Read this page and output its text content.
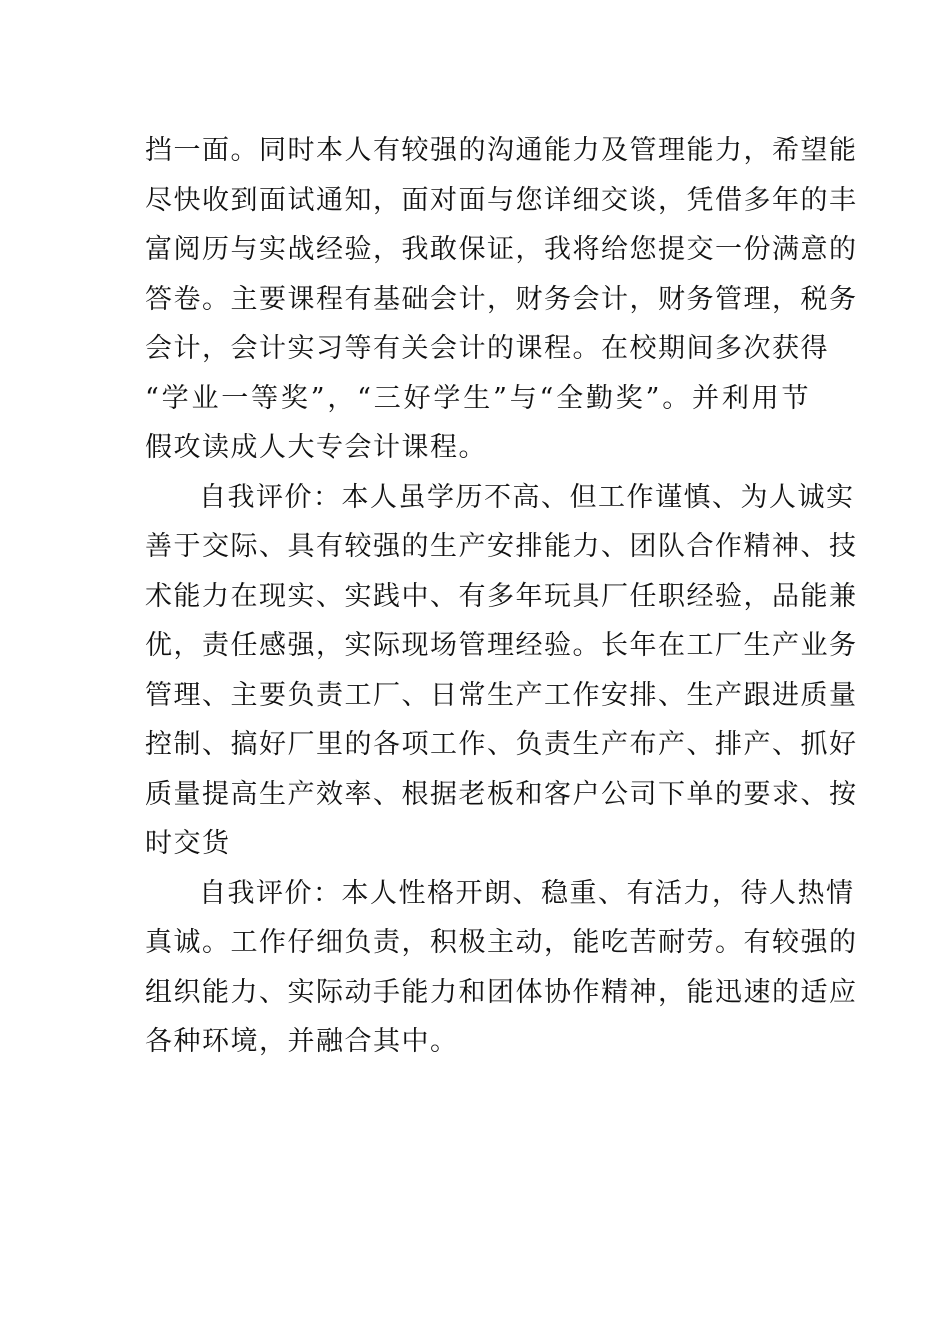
挡一面。同时本人有较强的沟通能力及管理能力，希望能
尽快收到面试通知，面对面与您详细交谈，凭借多年的丰
富阅历与实战经验，我敢保证，我将给您提交一份满意的
答卷。主要课程有基础会计，财务会计，财务管理，税务
会计，会计实习等有关会计的课程。在校期间多次获得
“学业一等奖”，“三好学生”与“全勤奖”。并利用节
假攻读成人大专会计课程。
自我评价：本人虽学历不高、但工作谨慎、为人诚实
善于交际、具有较强的生产安排能力、团队合作精神、技
术能力在现实、实践中、有多年玩具厂任职经验，品能兼
优，责任感强，实际现场管理经验。长年在工厂生产业务
管理、主要负责工厂、日常生产工作安排、生产跟进质量
控制、搞好厂里的各项工作、负责生产布产、排产、抓好
质量提高生产效率、根据老板和客户公司下单的要求、按
时交货
自我评价：本人性格开朗、稳重、有活力，待人热情
真诚。工作仔细负责，积极主动，能吃苦耐劳。有较强的
组织能力、实际动手能力和团体协作精神，能迅速的适应
各种环境，并融合其中。
